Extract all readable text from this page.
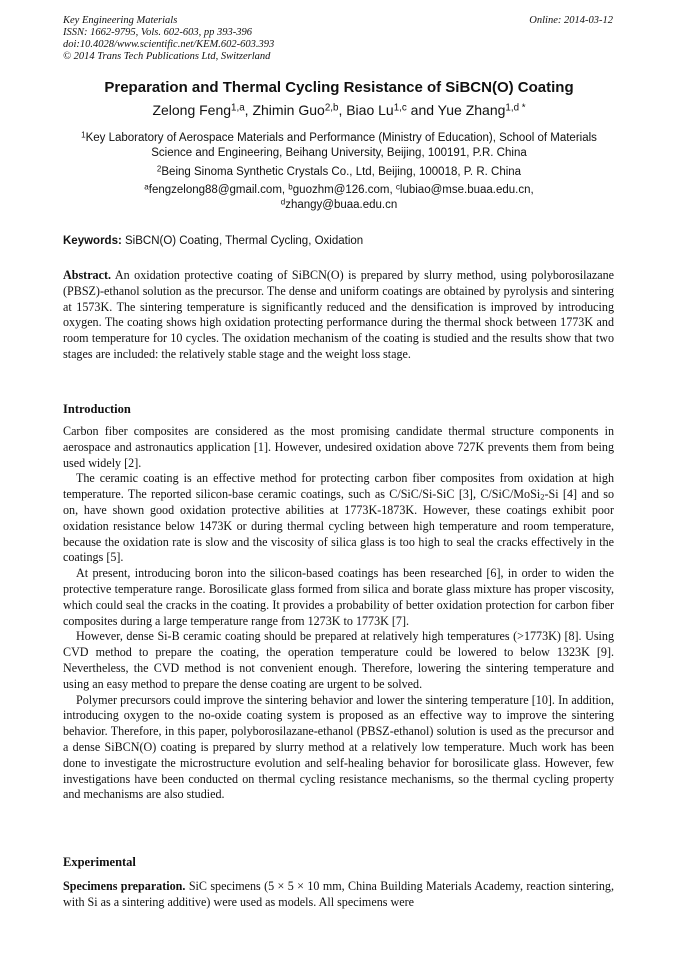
Key Engineering Materials
ISSN: 1662-9795, Vols. 602-603, pp 393-396
doi:10.4028/www.scientific.net/KEM.602-603.393
© 2014 Trans Tech Publications Ltd, Switzerland
Online: 2014-03-12
Preparation and Thermal Cycling Resistance of SiBCN(O) Coating
Zelong Feng$^{1,a}$, Zhimin Guo$^{2,b}$, Biao Lu$^{1,c}$ and Yue Zhang$^{1,d *}$
$^1$Key Laboratory of Aerospace Materials and Performance (Ministry of Education), School of Materials Science and Engineering, Beihang University, Beijing, 100191, P.R. China
$^2$Being Sinoma Synthetic Crystals Co., Ltd, Beijing, 100018, P. R. China
$^a$fengzelong88@gmail.com, $^b$guozhm@126.com, $^c$lubiao@mse.buaa.edu.cn,
$^d$zhangy@buaa.edu.cn
Keywords: SiBCN(O) Coating, Thermal Cycling, Oxidation

Abstract. An oxidation protective coating of SiBCN(O) is prepared by slurry method, using polyborosilazane (PBSZ)-ethanol solution as the precursor. The dense and uniform coatings are obtained by pyrolysis and sintering at 1573K. The sintering temperature is significantly reduced and the densification is improved by introducing oxygen. The coating shows high oxidation protecting performance during the thermal shock between 1773K and room temperature for 10 cycles. The oxidation mechanism of the coating is studied and the results show that two stages are included: the relatively stable stage and the weight loss stage.

Introduction

Carbon fiber composites are considered as the most promising candidate thermal structure components in aerospace and astronautics application [1]. However, undesired oxidation above 727K prevents them from being used widely [2].

The ceramic coating is an effective method for protecting carbon fiber composites from oxidation at high temperature. The reported silicon-base ceramic coatings, such as C/SiC/Si-SiC [3], C/SiC/MoSi$_2$-Si [4] and so on, have shown good oxidation protective abilities at 1773K-1873K. However, these coatings exhibit poor oxidation resistance below 1473K or during thermal cycling between high temperature and room temperature, because the oxidation rate is slow and the viscosity of silica glass is too high to seal the cracks effectively in the coatings [5].

At present, introducing boron into the silicon-based coatings has been researched [6], in order to widen the protective temperature range. Borosilicate glass formed from silica and borate glass mixture has proper viscosity, which could seal the cracks in the coating. It provides a probability of better oxidation protection for carbon fiber composites during a large temperature range from 1273K to 1773K [7].

However, dense Si-B ceramic coating should be prepared at relatively high temperatures (>1773K) [8]. Using CVD method to prepare the coating, the operation temperature could be lowered to below 1323K [9]. Nevertheless, the CVD method is not convenient enough. Therefore, lowering the sintering temperature and using an easy method to prepare the dense coating are urgent to be solved.

Polymer precursors could improve the sintering behavior and lower the sintering temperature [10]. In addition, introducing oxygen to the no-oxide coating system is proposed as an effective way to improve the sintering behavior. Therefore, in this paper, polyborosilazane-ethanol (PBSZ-ethanol) solution is used as the precursor and a dense SiBCN(O) coating is prepared by slurry method at a relatively low temperature. Much work has been done to investigate the microstructure evolution and self-healing behavior for borosilicate glass. However, few investigations have been conducted on thermal cycling resistance mechanisms, so the thermal cycling property and mechanisms are also studied.

Experimental

Specimens preparation. SiC specimens (5 × 5 × 10 mm, China Building Materials Academy, reaction sintering, with Si as a sintering additive) were used as models. All specimens were
